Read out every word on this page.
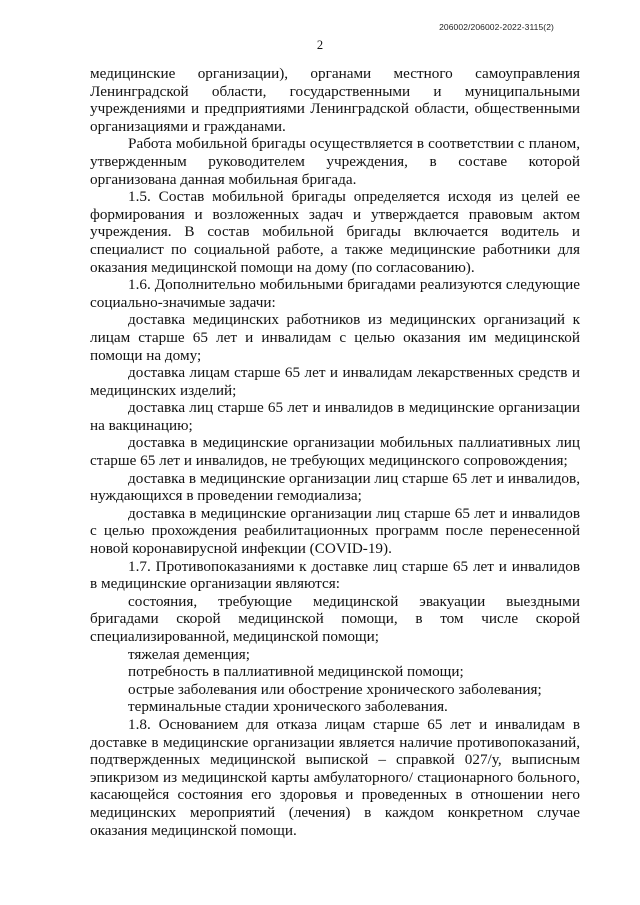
206002/206002-2022-3115(2)
2

медицинские организации), органами местного самоуправления Ленинградской области, государственными и муниципальными учреждениями и предприятиями Ленинградской области, общественными организациями и гражданами.

Работа мобильной бригады осуществляется в соответствии с планом, утвержденным руководителем учреждения, в составе которой организована данная мобильная бригада.

1.5. Состав мобильной бригады определяется исходя из целей ее формирования и возложенных задач и утверждается правовым актом учреждения. В состав мобильной бригады включается водитель и специалист по социальной работе, а также медицинские работники для оказания медицинской помощи на дому (по согласованию).

1.6. Дополнительно мобильными бригадами реализуются следующие социально-значимые задачи:

доставка медицинских работников из медицинских организаций к лицам старше 65 лет и инвалидам с целью оказания им медицинской помощи на дому;

доставка лицам старше 65 лет и инвалидам лекарственных средств и медицинских изделий;

доставка лиц старше 65 лет и инвалидов в медицинские организации на вакцинацию;

доставка в медицинские организации мобильных паллиативных лиц старше 65 лет и инвалидов, не требующих медицинского сопровождения;

доставка в медицинские организации лиц старше 65 лет и инвалидов, нуждающихся в проведении гемодиализа;

доставка в медицинские организации лиц старше 65 лет и инвалидов с целью прохождения реабилитационных программ после перенесенной новой коронавирусной инфекции (COVID-19).

1.7. Противопоказаниями к доставке лиц старше 65 лет и инвалидов в медицинские организации являются:

состояния, требующие медицинской эвакуации выездными бригадами скорой медицинской помощи, в том числе скорой специализированной, медицинской помощи;

тяжелая деменция;

потребность в паллиативной медицинской помощи;

острые заболевания или обострение хронического заболевания;

терминальные стадии хронического заболевания.

1.8. Основанием для отказа лицам старше 65 лет и инвалидам в доставке в медицинские организации является наличие противопоказаний, подтвержденных медицинской выпиской – справкой 027/у, выписным эпикризом из медицинской карты амбулаторного/ стационарного больного, касающейся состояния его здоровья и проведенных в отношении него медицинских мероприятий (лечения) в каждом конкретном случае оказания медицинской помощи.
